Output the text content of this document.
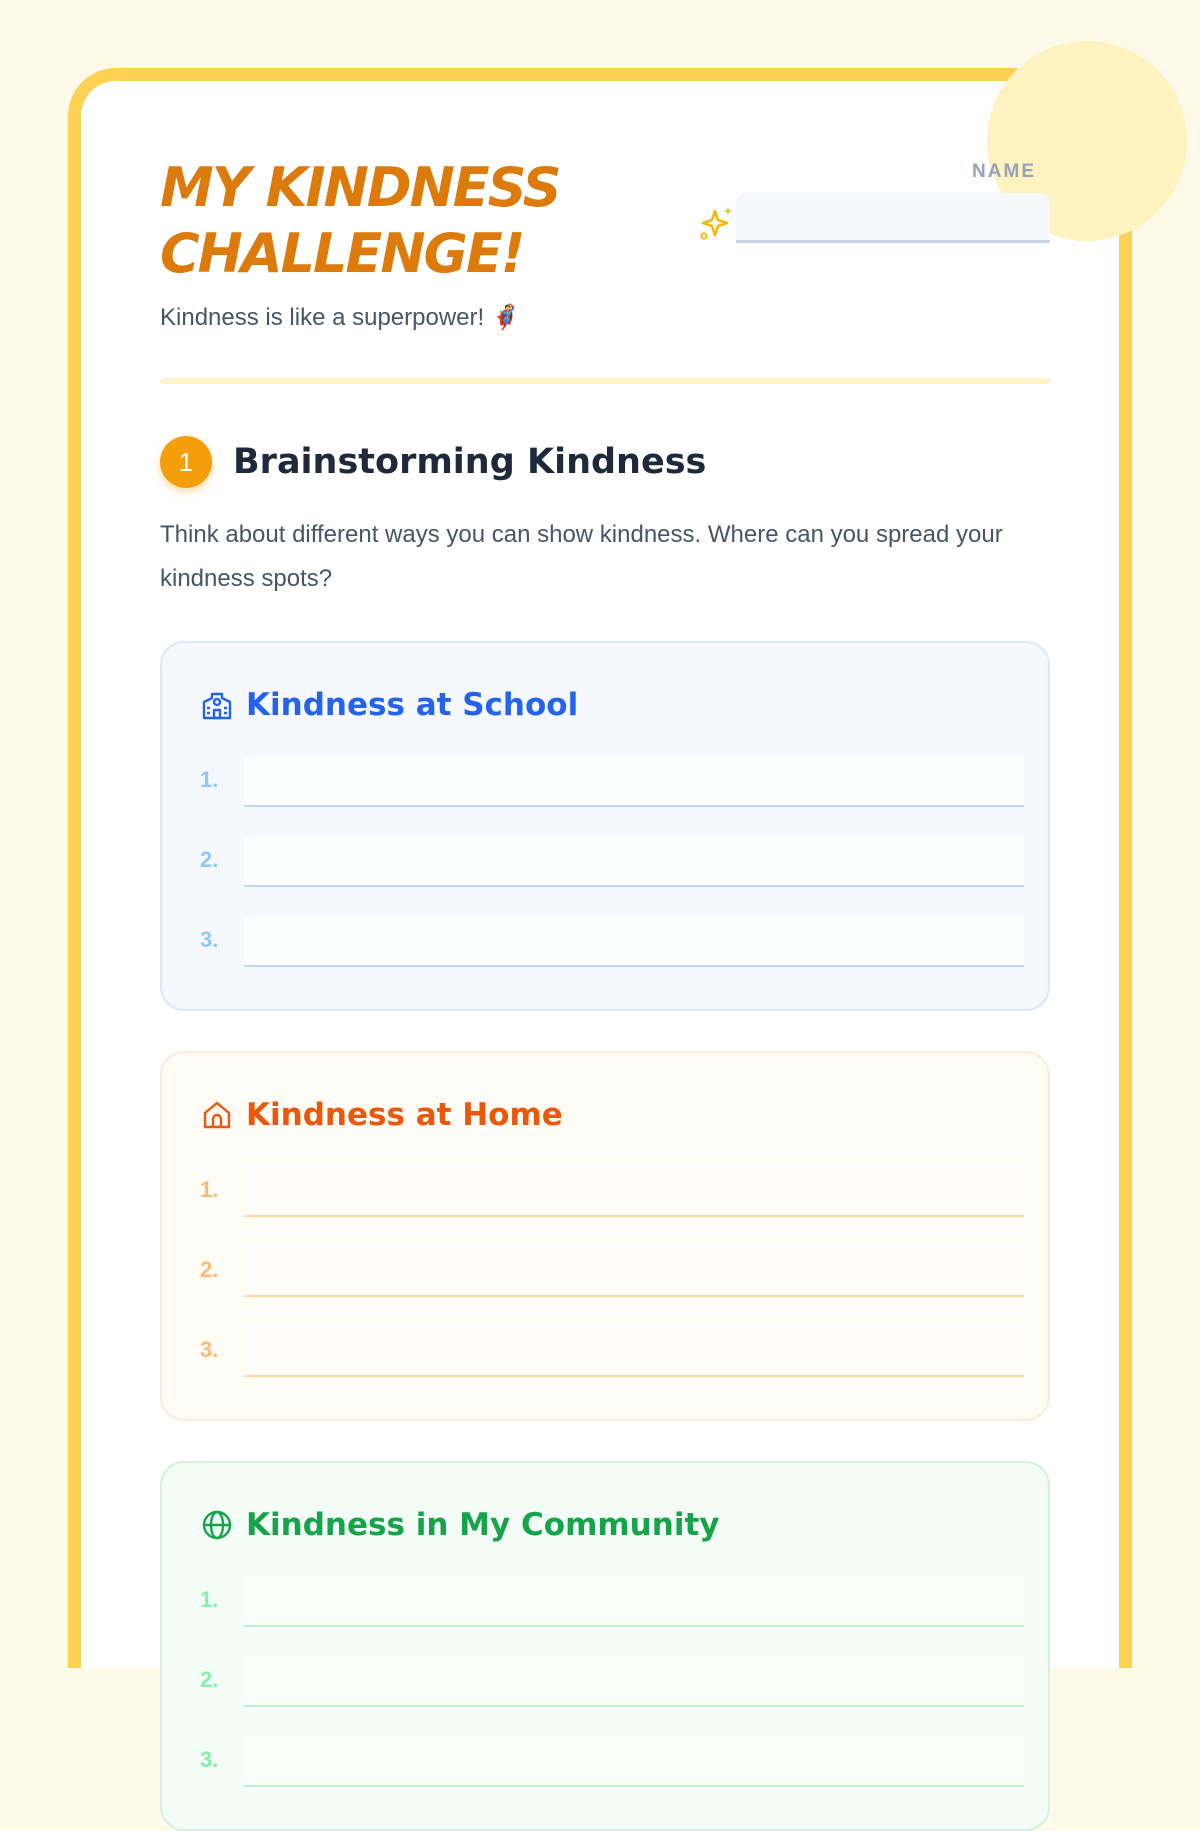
MY KINDNESS
CHALLENGE!
Kindness is like a superpower! 🦸
NAME
1	Brainstorming Kindness

Think about different ways you can show kindness. Where can you spread your kindness spots?

Kindness at School
1.
2.
3.
Kindness at Home
1.
2.
3.
Kindness in My Community
1.
2.
3.
